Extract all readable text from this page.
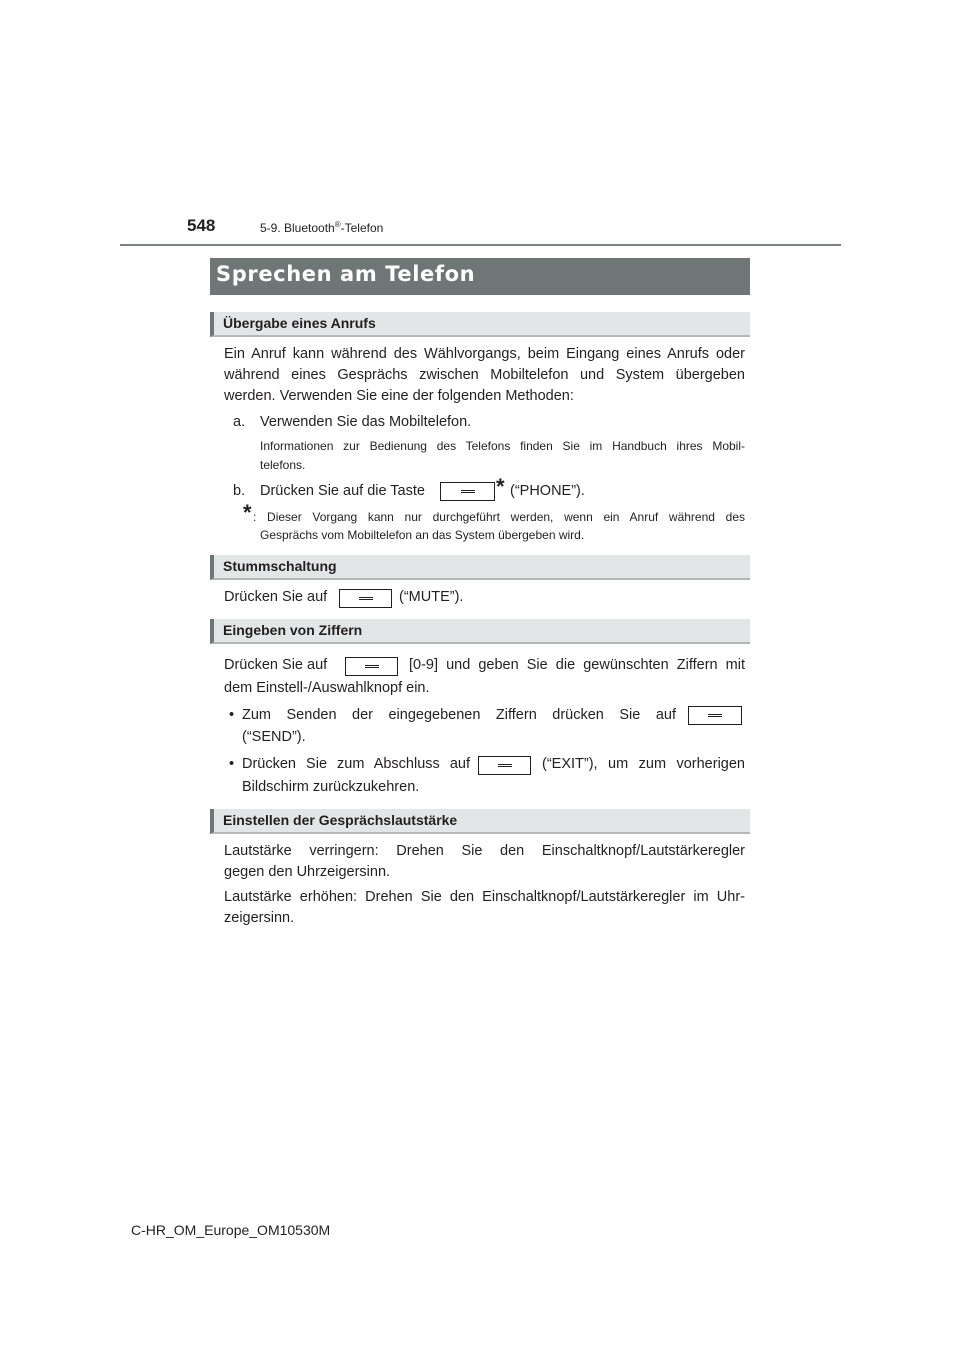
548	5-9. Bluetooth®-Telefon
Sprechen am Telefon
Übergabe eines Anrufs
Ein Anruf kann während des Wählvorgangs, beim Eingang eines Anrufs oder
während eines Gesprächs zwischen Mobiltelefon und System übergeben
werden. Verwenden Sie eine der folgenden Methoden:
a. Verwenden Sie das Mobiltelefon.
Informationen zur Bedienung des Telefons finden Sie im Handbuch ihres Mobil-
telefons.
b. Drücken Sie auf die Taste	* (“PHONE”).
* : Dieser Vorgang kann nur durchgeführt werden, wenn ein Anruf während des
Gesprächs vom Mobiltelefon an das System übergeben wird.
Stummschaltung
Drücken Sie auf	(“MUTE”).
Eingeben von Ziffern
Drücken Sie auf	[0-9] und geben Sie die gewünschten Ziffern mit
dem Einstell-/Auswahlknopf ein.
• Zum Senden der eingegebenen Ziffern drücken Sie auf
(“SEND”).
• Drücken Sie zum Abschluss auf	(“EXIT”), um zum vorherigen
Bildschirm zurückzukehren.
Einstellen der Gesprächslautstärke
Lautstärke verringern: Drehen Sie den Einschaltknopf/Lautstärkeregler
gegen den Uhrzeigersinn.
Lautstärke erhöhen: Drehen Sie den Einschaltknopf/Lautstärkeregler im Uhr-
zeigersinn.
C-HR_OM_Europe_OM10530M
